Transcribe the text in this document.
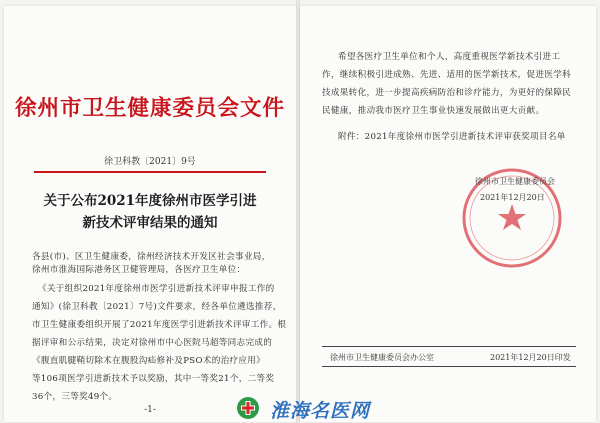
徐州市卫生健康委员会文件
徐卫科教〔2021〕9号
关于公布2021年度徐州市医学引进
新技术评审结果的通知
各县(市)、区卫生健康委，徐州经济技术开发区社会事业局，
徐州市淮海国际港务区卫健管理局，各医疗卫生单位：
《关于组织2021年度徐州市医学引进新技术评审申报工作的
通知》(徐卫科教〔2021〕7号)文件要求，经各单位遴选推荐，
市卫生健康委组织开展了2021年度医学引进新技术评审工作。根
据评审和公示结果，决定对徐州市中心医院马超等同志完成的
《腹直肌腱鞘切除术在腹股沟疝修补及PSO术的治疗应用》
等106项医学引进新技术予以奖励，其中一等奖21个，二等奖
36个，三等奖49个。
-1-
希望各医疗卫生单位和个人，高度重视医学新技术引进工
作，继续积极引进成熟、先进、适用的医学新技术，促进医学科
技成果转化，进一步提高疾病防治和诊疗能力，为更好的保障民
民健康，推动我市医疗卫生事业快速发展做出更大贡献。
附件：2021年度徐州市医学引进新技术评审获奖项目名单
徐州市卫生健康委员会
2021年12月20日
徐州市卫生健康委员会办公室	2021年12月20日印发
淮海名医网
